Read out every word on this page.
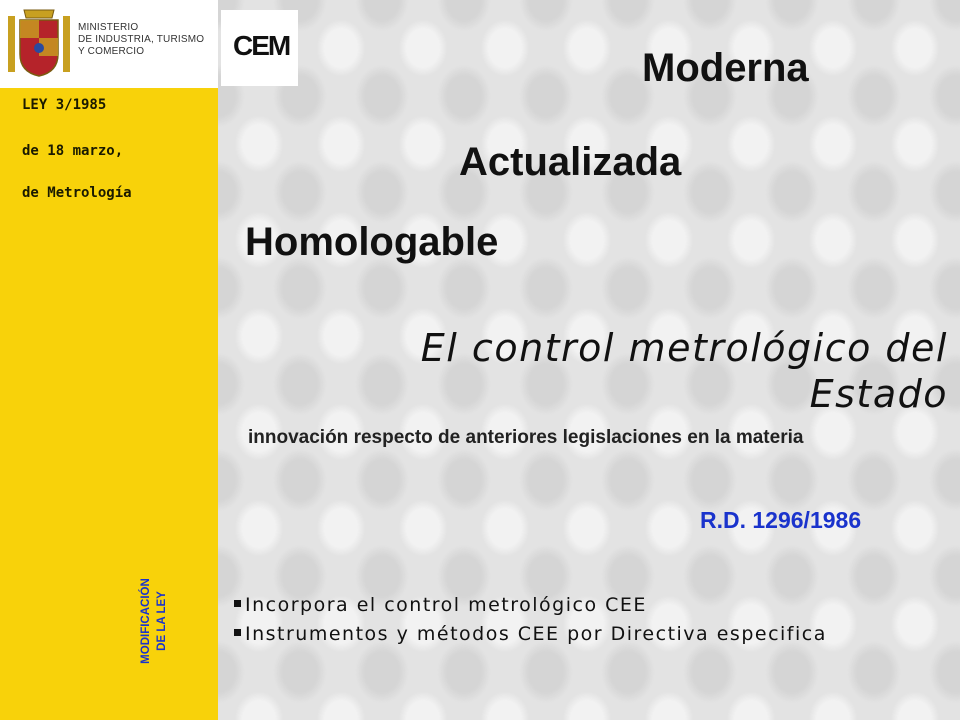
MINISTERIO
DE INDUSTRIA, TURISMO
Y COMERCIO
LEY 3/1985
de 18 marzo,
de Metrología
MODIFICACIÓN DE LA LEY
CEM
Moderna
Actualizada
Homologable
El control metrológico del Estado
innovación respecto de anteriores legislaciones en la materia
R.D. 1296/1986
Incorpora el control metrológico CEE
Instrumentos y métodos CEE por Directiva especifica
